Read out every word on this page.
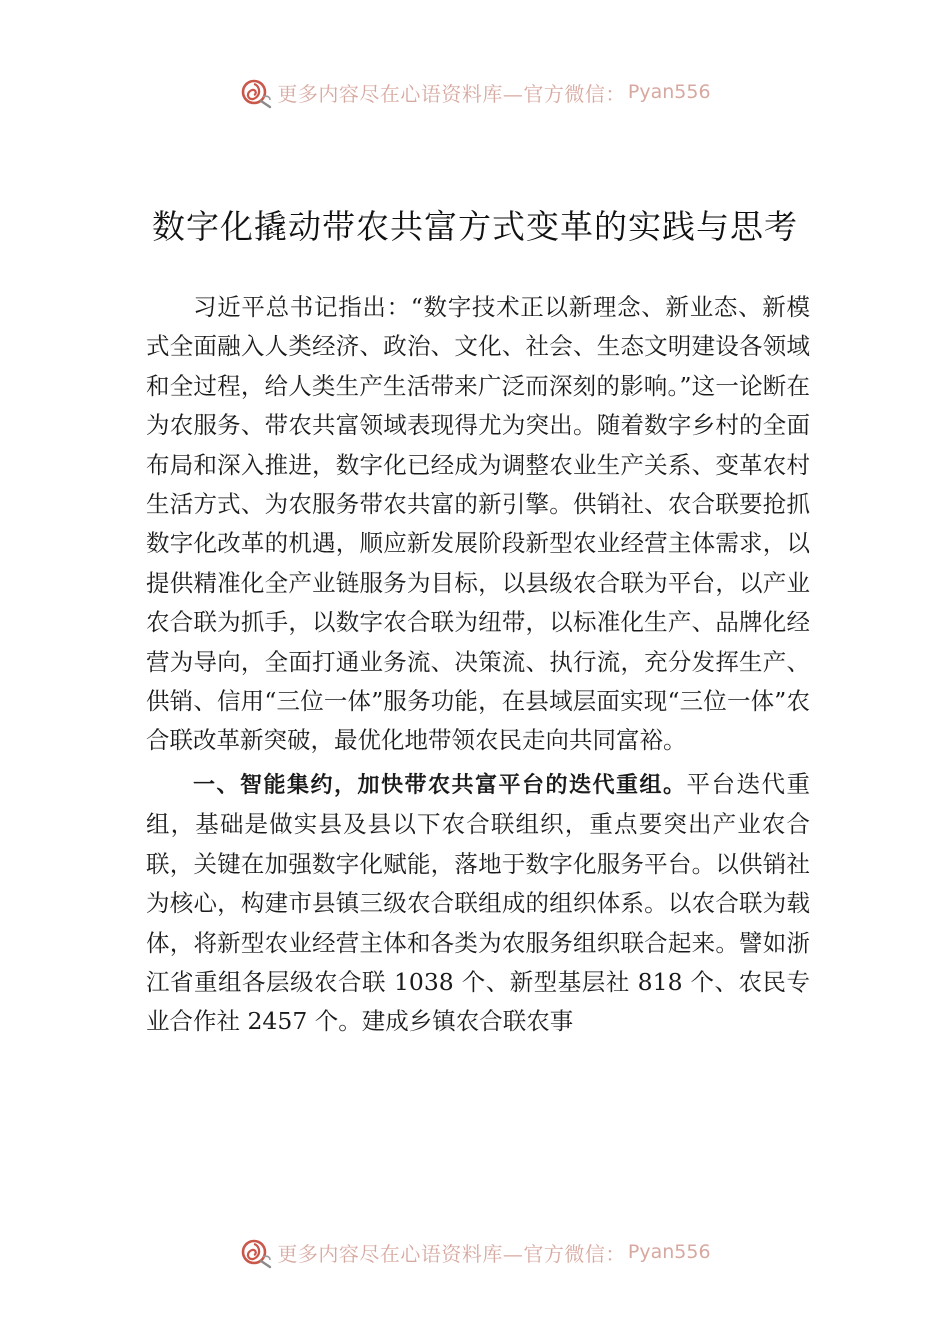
更多内容尽在心语资料库—官方微信： Pyan556
数字化撬动带农共富方式变革的实践与思考

习近平总书记指出：“数字技术正以新理念、新业态、新模式全面融入人类经济、政治、文化、社会、生态文明建设各领域和全过程，给人类生产生活带来广泛而深刻的影响。”这一论断在为农服务、带农共富领域表现得尤为突出。随着数字乡村的全面布局和深入推进，数字化已经成为调整农业生产关系、变革农村生活方式、为农服务带农共富的新引擎。供销社、农合联要抢抓数字化改革的机遇，顺应新发展阶段新型农业经营主体需求，以提供精准化全产业链服务为目标，以县级农合联为平台，以产业农合联为抓手，以数字农合联为纽带，以标准化生产、品牌化经营为导向，全面打通业务流、决策流、执行流，充分发挥生产、供销、信用“三位一体”服务功能，在县域层面实现“三位一体”农合联改革新突破，最优化地带领农民走向共同富裕。

一、智能集约，加快带农共富平台的迭代重组。平台迭代重组，基础是做实县及县以下农合联组织，重点要突出产业农合联，关键在加强数字化赋能，落地于数字化服务平台。以供销社为核心，构建市县镇三级农合联组成的组织体系。以农合联为载体，将新型农业经营主体和各类为农服务组织联合起来。譬如浙江省重组各层级农合联 1038 个、新型基层社 818 个、农民专业合作社 2457 个。建成乡镇农合联农事

更多内容尽在心语资料库—官方微信： Pyan556
